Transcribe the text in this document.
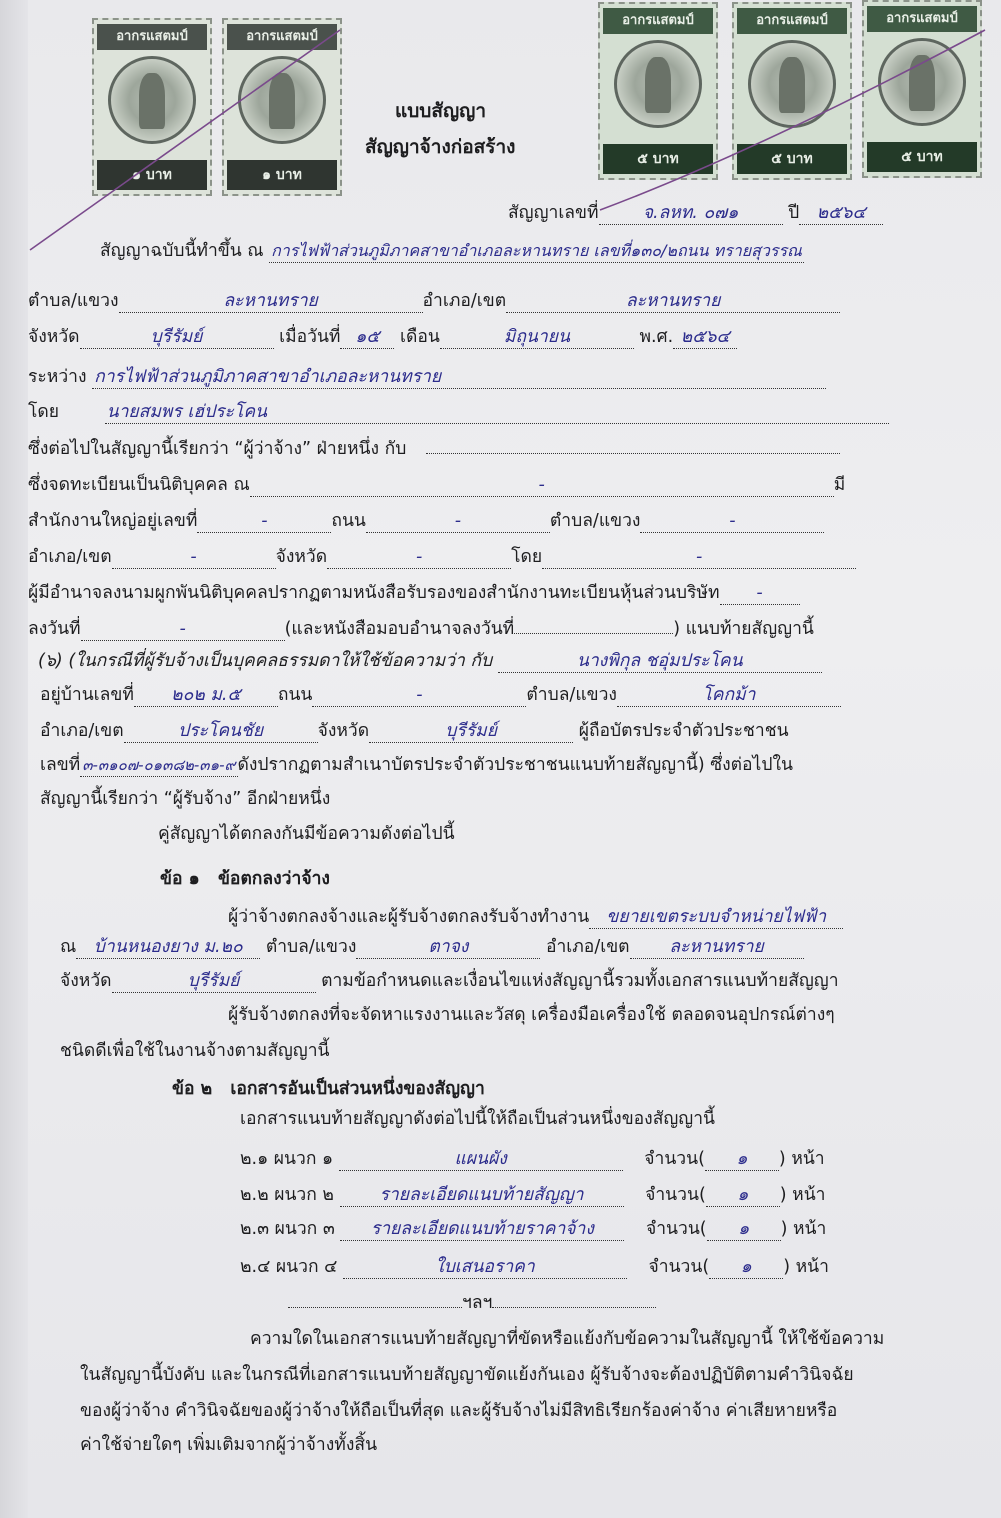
อากรแสตมป์
๑ บาท
อากรแสตมป์
๑ บาท
อากรแสตมป์
๕ บาท
อากรแสตมป์
๕ บาท
อากรแสตมป์
๕ บาท
แบบสัญญา
สัญญาจ้างก่อสร้าง
สัญญาเลขที่	จ.ลหท. ๐๗๑	ปี ๒๕๖๔
สัญญาฉบับนี้ทำขึ้น ณ การไฟฟ้าส่วนภูมิภาคสาขาอำเภอละหานทราย เลขที่๑๓๐/๒ถนน ทรายสุวรรณ
ตำบล/แขวง	ละหานทราย	อำเภอ/เขต	ละหานทราย
จังหวัด	บุรีรัมย์	เมื่อวันที่ ๑๕ เดือน	มิถุนายน	พ.ศ. ๒๕๖๔
ระหว่าง การไฟฟ้าส่วนภูมิภาคสาขาอำเภอละหานทราย
โดย	นายสมพร เฮ่ประโคน
ซึ่งต่อไปในสัญญานี้เรียกว่า “ผู้ว่าจ้าง” ฝ่ายหนึ่ง กับ
ซึ่งจดทะเบียนเป็นนิติบุคคล ณ	-	มี
สำนักงานใหญ่อยู่เลขที่	-	ถนน	-	ตำบล/แขวง	-
อำเภอ/เขต	-	จังหวัด	-	โดย	-
ผู้มีอำนาจลงนามผูกพันนิติบุคคลปรากฏตามหนังสือรับรองของสำนักงานทะเบียนหุ้นส่วนบริษัท -
ลงวันที่	-	(และหนังสือมอบอำนาจลงวันที่	) แนบท้ายสัญญานี้
(๖) (ในกรณีที่ผู้รับจ้างเป็นบุคคลธรรมดาให้ใช้ข้อความว่า กับ	นางพิกุล ชอุ่มประโคน
อยู่บ้านเลขที่ ๒๐๒ ม.๕ ถนน	-	ตำบล/แขวง	โคกม้า
อำเภอ/เขต	ประโคนชัย	จังหวัด	บุรีรัมย์	ผู้ถือบัตรประจำตัวประชาชน
เลขที่ ๓-๓๑๐๗-๐๑๓๘๒-๓๑-๙ ดังปรากฏตามสำเนาบัตรประจำตัวประชาชนแนบท้ายสัญญานี้) ซึ่งต่อไปใน
สัญญานี้เรียกว่า “ผู้รับจ้าง” อีกฝ่ายหนึ่ง
คู่สัญญาได้ตกลงกันมีข้อความดังต่อไปนี้
ข้อ ๑ ข้อตกลงว่าจ้าง
ผู้ว่าจ้างตกลงจ้างและผู้รับจ้างตกลงรับจ้างทำงาน ขยายเขตระบบจำหน่ายไฟฟ้า
ณ บ้านหนองยาง ม.๒๐ ตำบล/แขวง	ตาจง	อำเภอ/เขต ละหานทราย
จังหวัด	บุรีรัมย์	ตามข้อกำหนดและเงื่อนไขแห่งสัญญานี้รวมทั้งเอกสารแนบท้ายสัญญา
ผู้รับจ้างตกลงที่จะจัดหาแรงงานและวัสดุ เครื่องมือเครื่องใช้ ตลอดจนอุปกรณ์ต่างๆ
ชนิดดีเพื่อใช้ในงานจ้างตามสัญญานี้
ข้อ ๒ เอกสารอันเป็นส่วนหนึ่งของสัญญา
เอกสารแนบท้ายสัญญาดังต่อไปนี้ให้ถือเป็นส่วนหนึ่งของสัญญานี้
๒.๑ ผนวก ๑	แผนผัง	จำนวน( ๑ ) หน้า
๒.๒ ผนวก ๒	รายละเอียดแนบท้ายสัญญา	จำนวน( ๑ ) หน้า
๒.๓ ผนวก ๓ รายละเอียดแนบท้ายราคาจ้าง	จำนวน( ๑ ) หน้า
๒.๔ ผนวก ๔	ใบเสนอราคา	จำนวน( ๑ ) หน้า
ฯลฯ
ความใดในเอกสารแนบท้ายสัญญาที่ขัดหรือแย้งกับข้อความในสัญญานี้ ให้ใช้ข้อความ
ในสัญญานี้บังคับ และในกรณีที่เอกสารแนบท้ายสัญญาขัดแย้งกันเอง ผู้รับจ้างจะต้องปฏิบัติตามคำวินิจฉัย
ของผู้ว่าจ้าง คำวินิจฉัยของผู้ว่าจ้างให้ถือเป็นที่สุด และผู้รับจ้างไม่มีสิทธิเรียกร้องค่าจ้าง ค่าเสียหายหรือ
ค่าใช้จ่ายใดๆ เพิ่มเติมจากผู้ว่าจ้างทั้งสิ้น
